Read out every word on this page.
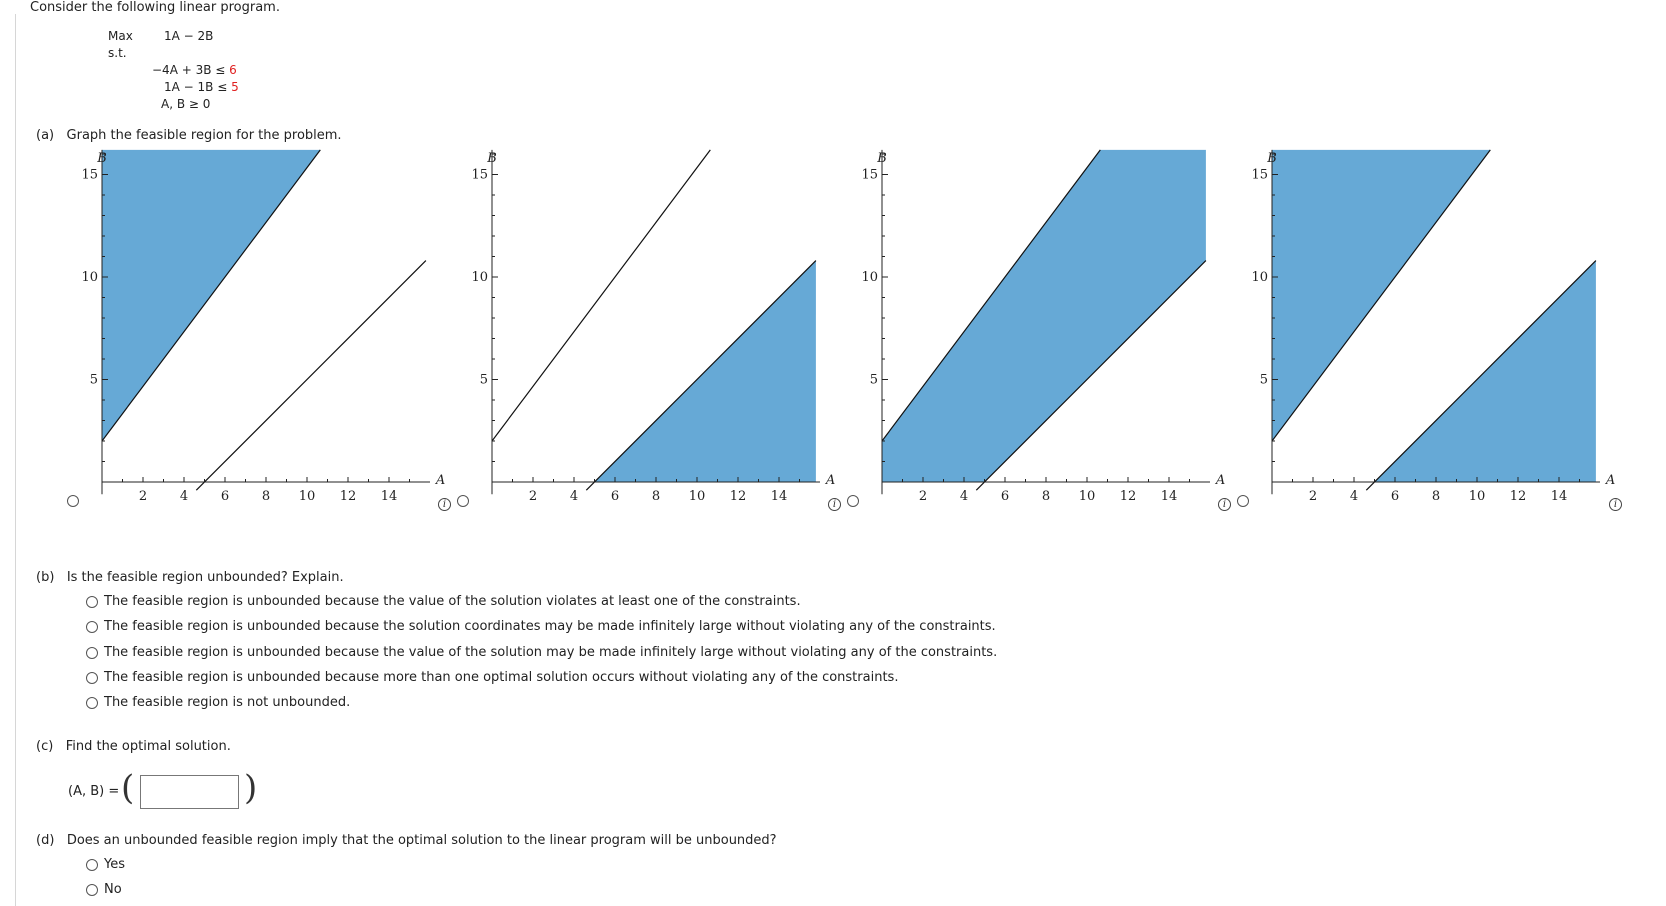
Consider the following linear program.
Max	1A − 2B
s.t.
−4A + 3B ≤ 6
1A − 1B ≤ 5
A, B ≥ 0
(a) Graph the feasible region for the problem.
2	4	6	8 10 12 14
5
10
15
A
B
2	4	6	8 10 12 14
5
10
15
A
B
2	4	6	8 10 12 14
5
10
15
A
B
2	4	6	8 10 12 14
5
10
15
A
B
i	i	i	i
(b) Is the feasible region unbounded? Explain.
The feasible region is unbounded because the value of the solution violates at least one of the constraints.
The feasible region is unbounded because the solution coordinates may be made infinitely large without violating any of the constraints.
The feasible region is unbounded because the value of the solution may be made infinitely large without violating any of the constraints.
The feasible region is unbounded because more than one optimal solution occurs without violating any of the constraints.
The feasible region is not unbounded.
(c) Find the optimal solution.
(A, B) = (	)
(d) Does an unbounded feasible region imply that the optimal solution to the linear program will be unbounded?
Yes
No
